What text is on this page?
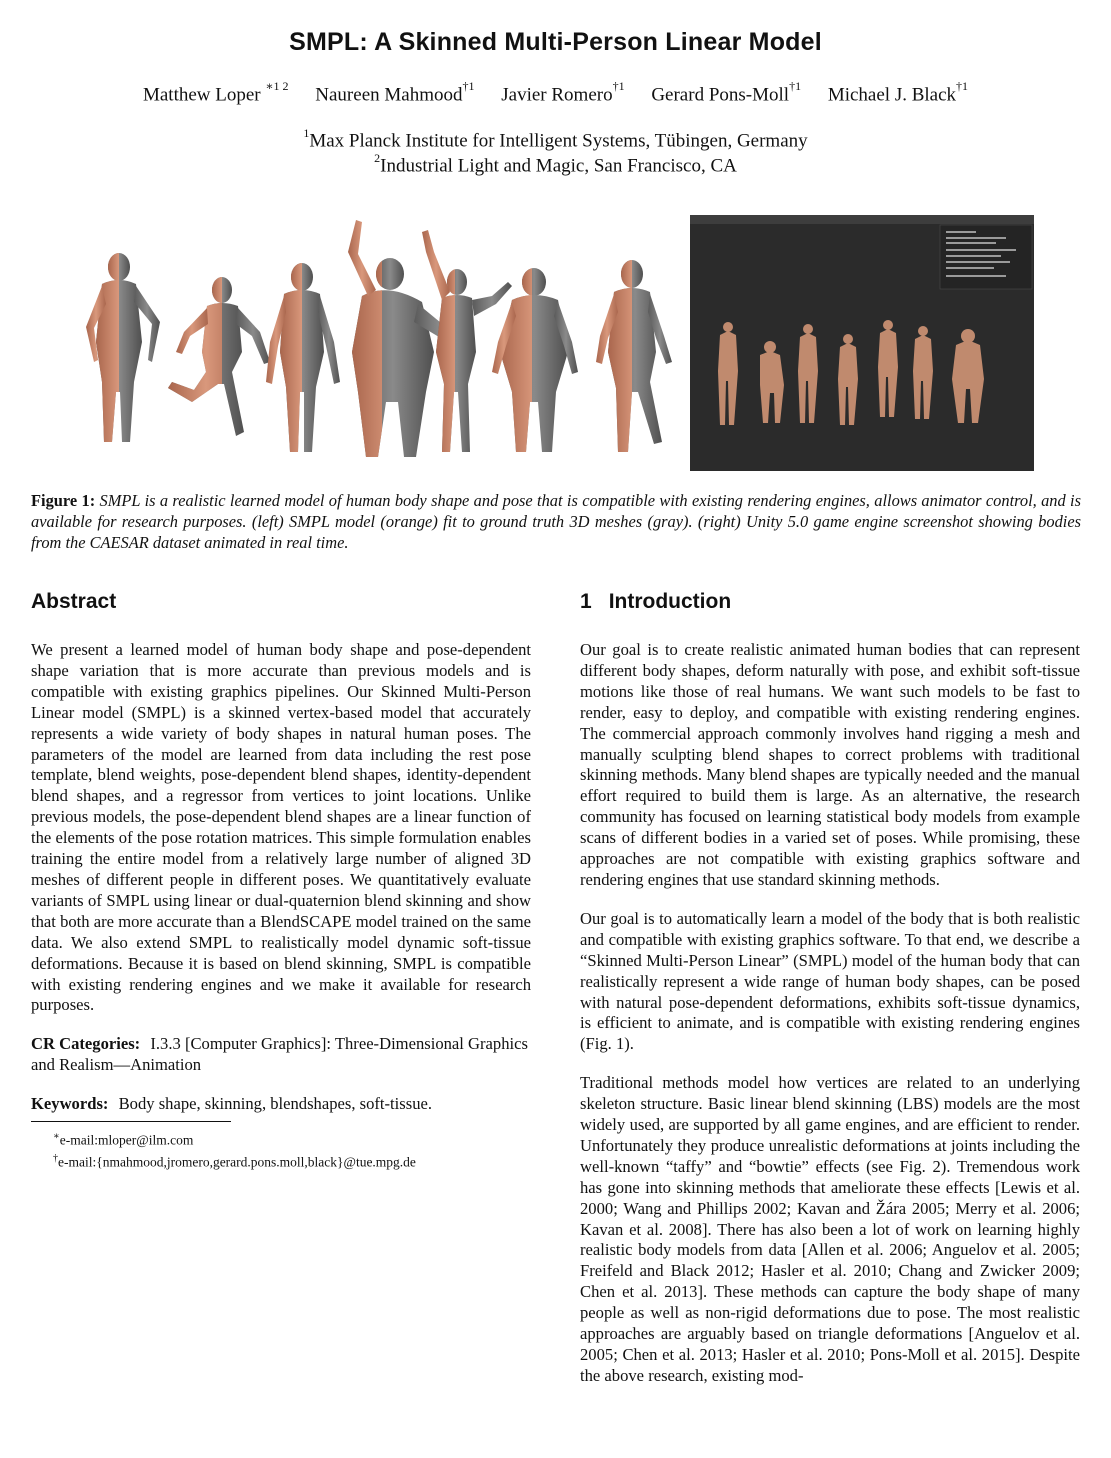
SMPL: A Skinned Multi-Person Linear Model
Matthew Loper $^{∗1 2}$ Naureen Mahmood$^{\dagger 1}$ Javier Romero$^{\dagger 1}$ Gerard Pons-Moll$^{\dagger 1}$ Michael J. Black$^{\dagger 1}$
$^1$Max Planck Institute for Intelligent Systems, Tübingen, Germany
$^2$Industrial Light and Magic, San Francisco, CA
Figure 1: SMPL is a realistic learned model of human body shape and pose that is compatible with existing rendering engines, allows animator control, and is available for research purposes. (left) SMPL model (orange) fit to ground truth 3D meshes (gray). (right) Unity 5.0 game engine screenshot showing bodies from the CAESAR dataset animated in real time.
Abstract

We present a learned model of human body shape and pose-dependent shape variation that is more accurate than previous models and is compatible with existing graphics pipelines. Our Skinned Multi-Person Linear model (SMPL) is a skinned vertex-based model that accurately represents a wide variety of body shapes in natural human poses. The parameters of the model are learned from data including the rest pose template, blend weights, pose-dependent blend shapes, identity-dependent blend shapes, and a regressor from vertices to joint locations. Unlike previous models, the pose-dependent blend shapes are a linear function of the elements of the pose rotation matrices. This simple formulation enables training the entire model from a relatively large number of aligned 3D meshes of different people in different poses. We quantitatively evaluate variants of SMPL using linear or dual-quaternion blend skinning and show that both are more accurate than a BlendSCAPE model trained on the same data. We also extend SMPL to realistically model dynamic soft-tissue deformations. Because it is based on blend skinning, SMPL is compatible with existing rendering engines and we make it available for research purposes.

CR Categories: I.3.3 [Computer Graphics]: Three-Dimensional Graphics and Realism—Animation

Keywords: Body shape, skinning, blendshapes, soft-tissue.

∗e-mail:mloper@ilm.com
†e-mail:{nmahmood,jromero,gerard.pons.moll,black}@tue.mpg.de
1 Introduction

Our goal is to create realistic animated human bodies that can represent different body shapes, deform naturally with pose, and exhibit soft-tissue motions like those of real humans. We want such models to be fast to render, easy to deploy, and compatible with existing rendering engines. The commercial approach commonly involves hand rigging a mesh and manually sculpting blend shapes to correct problems with traditional skinning methods. Many blend shapes are typically needed and the manual effort required to build them is large. As an alternative, the research community has focused on learning statistical body models from example scans of different bodies in a varied set of poses. While promising, these approaches are not compatible with existing graphics software and rendering engines that use standard skinning methods.

Our goal is to automatically learn a model of the body that is both realistic and compatible with existing graphics software. To that end, we describe a “Skinned Multi-Person Linear” (SMPL) model of the human body that can realistically represent a wide range of human body shapes, can be posed with natural pose-dependent deformations, exhibits soft-tissue dynamics, is efficient to animate, and is compatible with existing rendering engines (Fig. 1).

Traditional methods model how vertices are related to an underlying skeleton structure. Basic linear blend skinning (LBS) models are the most widely used, are supported by all game engines, and are efficient to render. Unfortunately they produce unrealistic deformations at joints including the well-known “taffy” and “bowtie” effects (see Fig. 2). Tremendous work has gone into skinning methods that ameliorate these effects [Lewis et al. 2000; Wang and Phillips 2002; Kavan and Žára 2005; Merry et al. 2006; Kavan et al. 2008]. There has also been a lot of work on learning highly realistic body models from data [Allen et al. 2006; Anguelov et al. 2005; Freifeld and Black 2012; Hasler et al. 2010; Chang and Zwicker 2009; Chen et al. 2013]. These methods can capture the body shape of many people as well as non-rigid deformations due to pose. The most realistic approaches are arguably based on triangle deformations [Anguelov et al. 2005; Chen et al. 2013; Hasler et al. 2010; Pons-Moll et al. 2015]. Despite the above research, existing mod-
